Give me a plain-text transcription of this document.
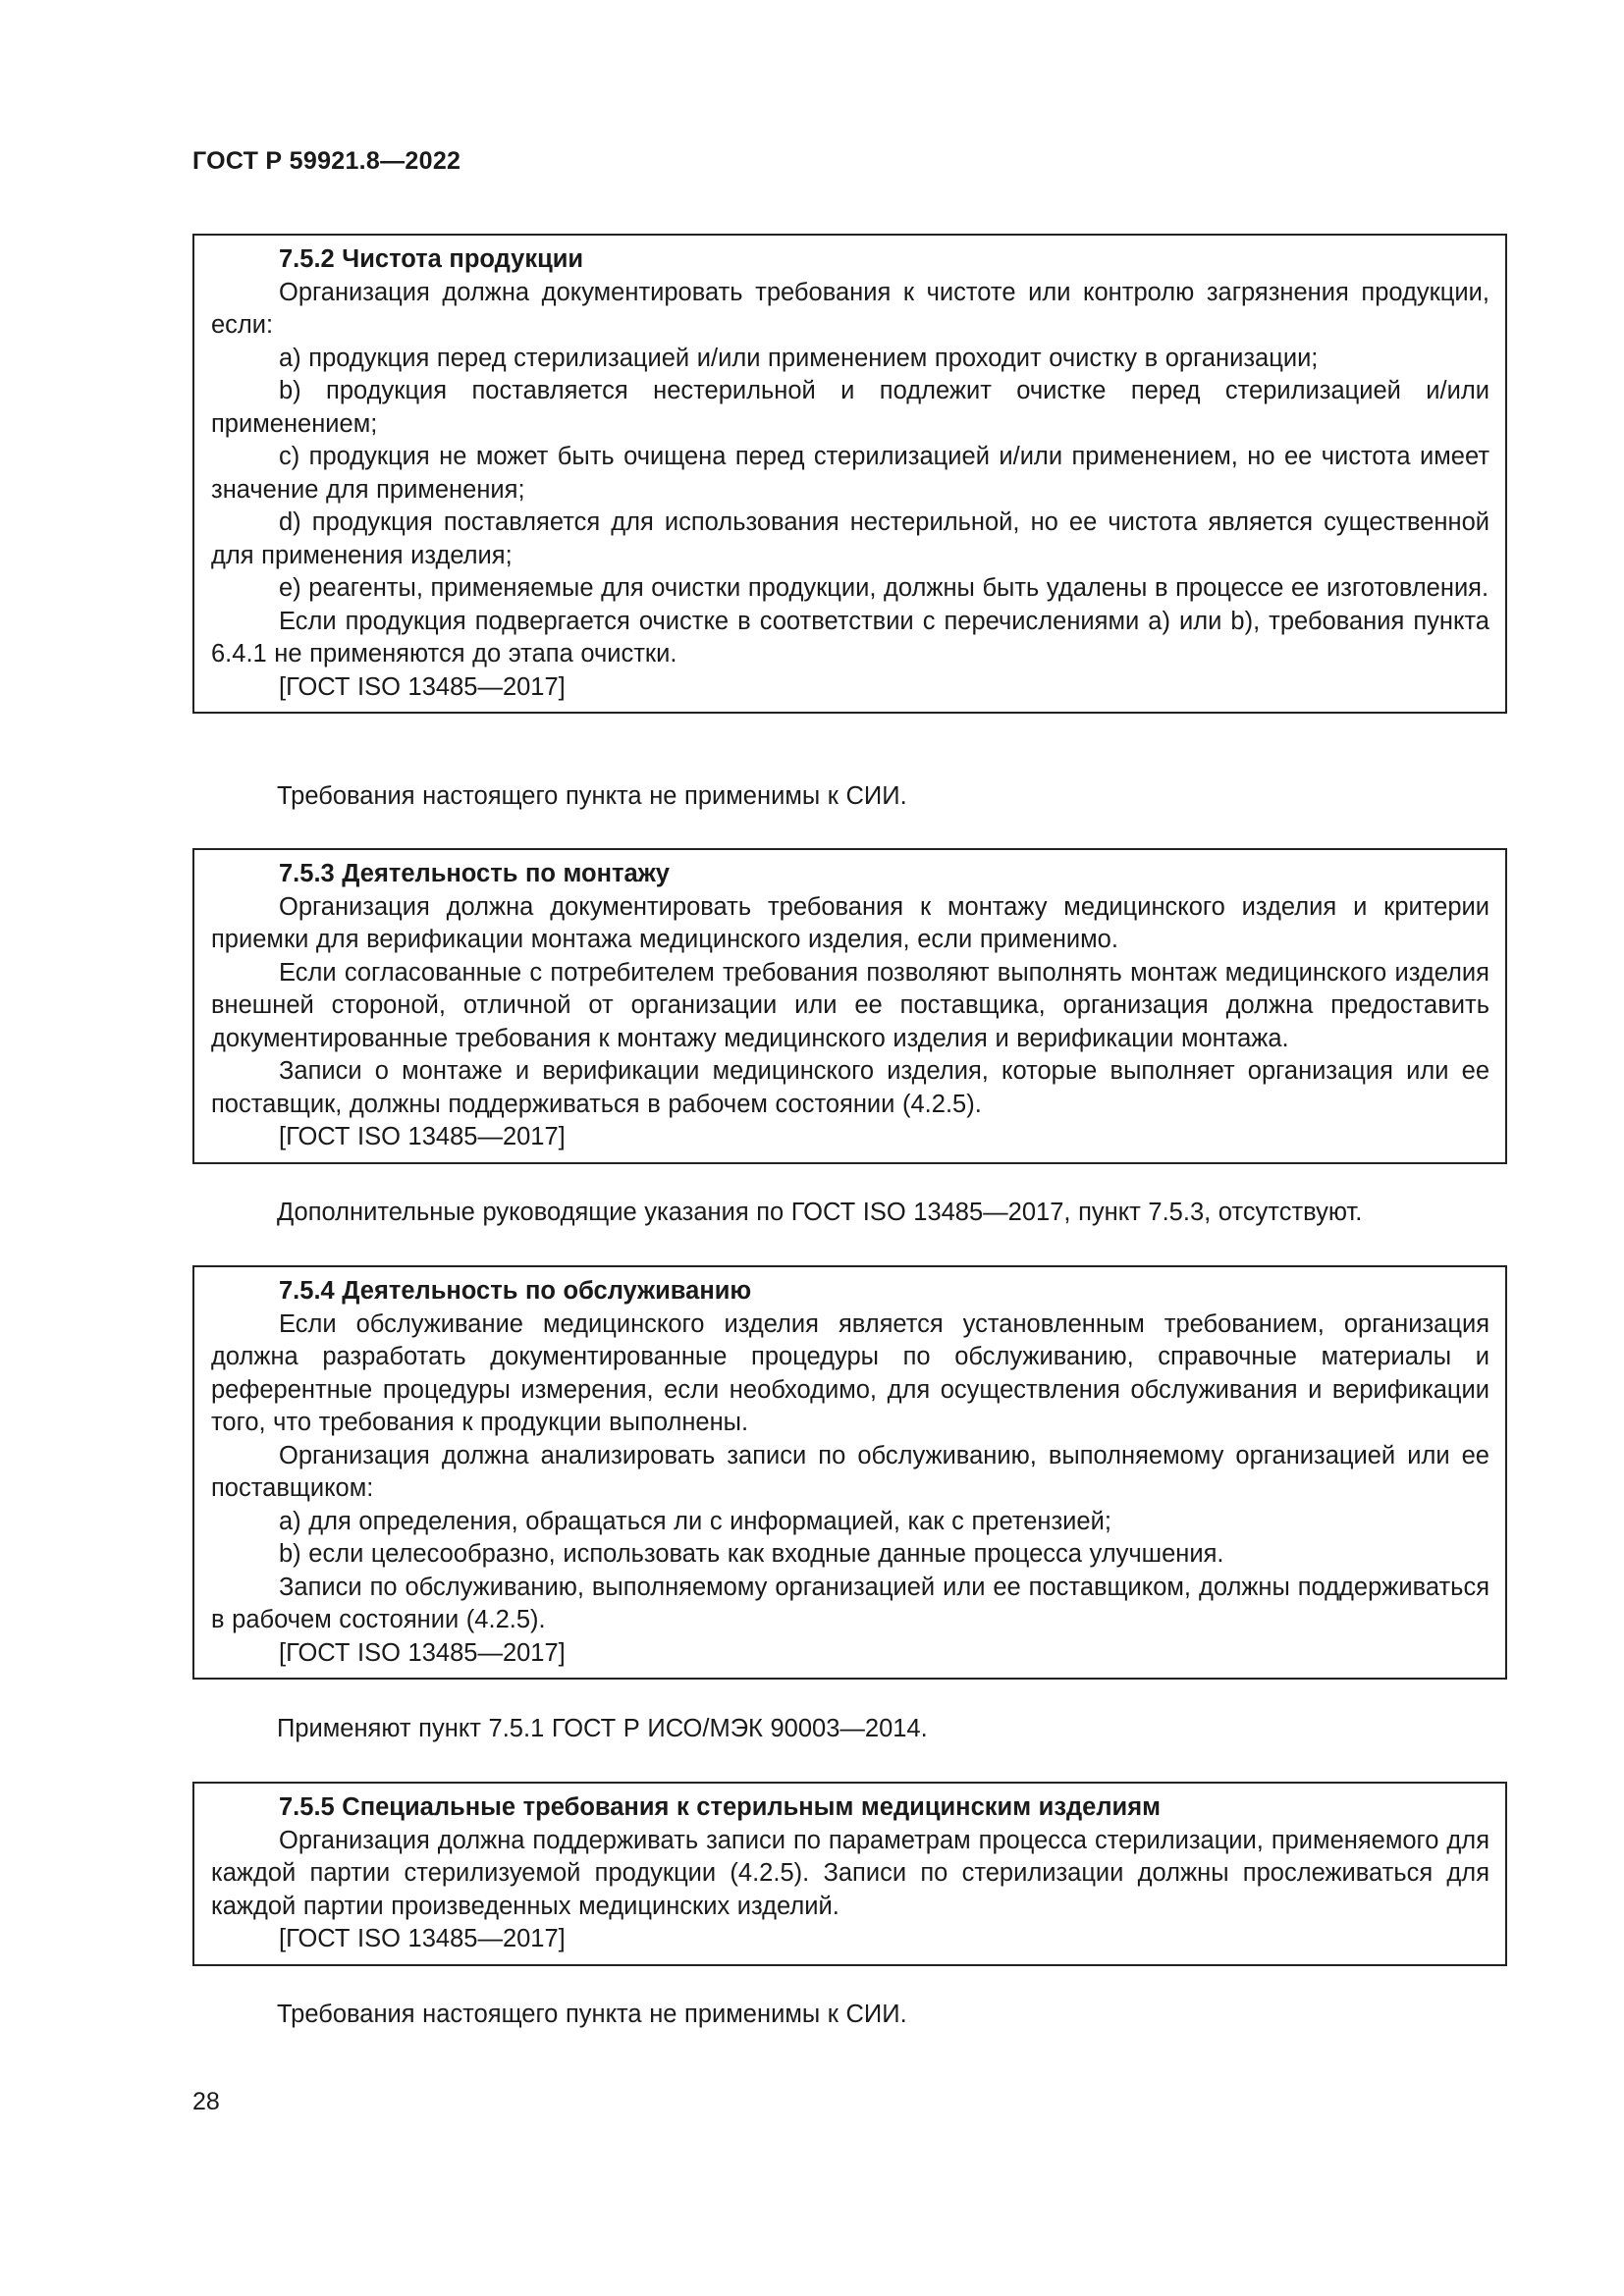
ГОСТ Р 59921.8—2022

7.5.2 Чистота продукции

Организация должна документировать требования к чистоте или контролю загрязнения продукции, если:

a) продукция перед стерилизацией и/или применением проходит очистку в организации;

b) продукция поставляется нестерильной и подлежит очистке перед стерилизацией и/или применением;

c) продукция не может быть очищена перед стерилизацией и/или применением, но ее чистота имеет значение для применения;

d) продукция поставляется для использования нестерильной, но ее чистота является существенной для применения изделия;

e) реагенты, применяемые для очистки продукции, должны быть удалены в процессе ее изготовления.

Если продукция подвергается очистке в соответствии с перечислениями a) или b), требования пункта 6.4.1 не применяются до этапа очистки.

[ГОСТ ISO 13485—2017]

Требования настоящего пункта не применимы к СИИ.

7.5.3 Деятельность по монтажу

Организация должна документировать требования к монтажу медицинского изделия и критерии приемки для верификации монтажа медицинского изделия, если применимо.

Если согласованные с потребителем требования позволяют выполнять монтаж медицинского изделия внешней стороной, отличной от организации или ее поставщика, организация должна предоставить документированные требования к монтажу медицинского изделия и верификации монтажа.

Записи о монтаже и верификации медицинского изделия, которые выполняет организация или ее поставщик, должны поддерживаться в рабочем состоянии (4.2.5).

[ГОСТ ISO 13485—2017]

Дополнительные руководящие указания по ГОСТ ISO 13485—2017, пункт 7.5.3, отсутствуют.

7.5.4 Деятельность по обслуживанию

Если обслуживание медицинского изделия является установленным требованием, организация должна разработать документированные процедуры по обслуживанию, справочные материалы и референтные процедуры измерения, если необходимо, для осуществления обслуживания и верификации того, что требования к продукции выполнены.

Организация должна анализировать записи по обслуживанию, выполняемому организацией или ее поставщиком:

a) для определения, обращаться ли с информацией, как с претензией;

b) если целесообразно, использовать как входные данные процесса улучшения.

Записи по обслуживанию, выполняемому организацией или ее поставщиком, должны поддерживаться в рабочем состоянии (4.2.5).

[ГОСТ ISO 13485—2017]

Применяют пункт 7.5.1 ГОСТ Р ИСО/МЭК 90003—2014.

7.5.5 Специальные требования к стерильным медицинским изделиям

Организация должна поддерживать записи по параметрам процесса стерилизации, применяемого для каждой партии стерилизуемой продукции (4.2.5). Записи по стерилизации должны прослеживаться для каждой партии произведенных медицинских изделий.

[ГОСТ ISO 13485—2017]

Требования настоящего пункта не применимы к СИИ.

28
